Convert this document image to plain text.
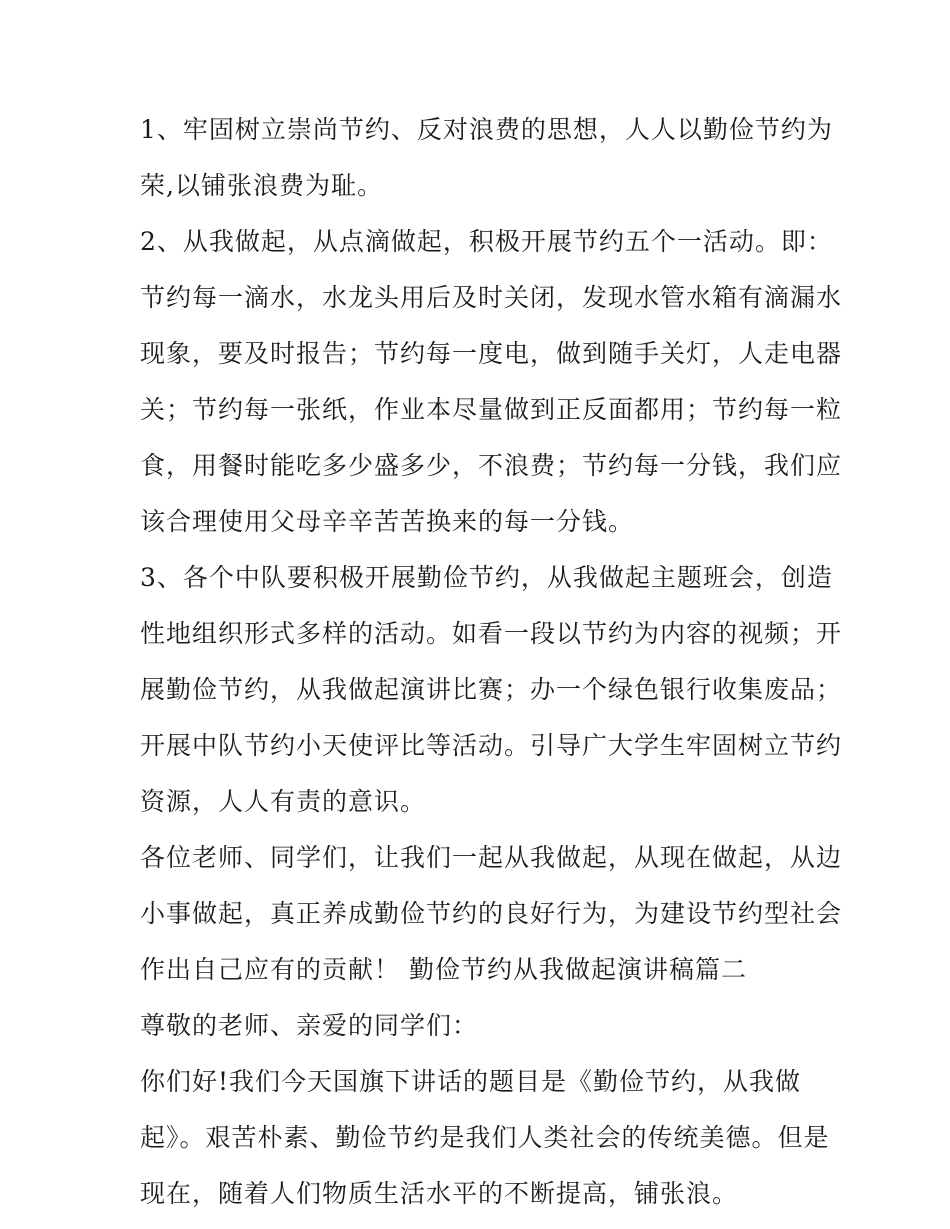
1、牢固树立崇尚节约、反对浪费的思想，人人以勤俭节约为
荣,以铺张浪费为耻。
2、从我做起，从点滴做起，积极开展节约五个一活动。即：
节约每一滴水，水龙头用后及时关闭，发现水管水箱有滴漏水
现象，要及时报告；节约每一度电，做到随手关灯，人走电器
关；节约每一张纸，作业本尽量做到正反面都用；节约每一粒
食，用餐时能吃多少盛多少，不浪费；节约每一分钱，我们应
该合理使用父母辛辛苦苦换来的每一分钱。
3、各个中队要积极开展勤俭节约，从我做起主题班会，创造
性地组织形式多样的活动。如看一段以节约为内容的视频；开
展勤俭节约，从我做起演讲比赛；办一个绿色银行收集废品；
开展中队节约小天使评比等活动。引导广大学生牢固树立节约
资源，人人有责的意识。
各位老师、同学们，让我们一起从我做起，从现在做起，从边
小事做起，真正养成勤俭节约的良好行为，为建设节约型社会
作出自己应有的贡献！ 勤俭节约从我做起演讲稿篇二
尊敬的老师、亲爱的同学们：
你们好!我们今天国旗下讲话的题目是《勤俭节约，从我做
起》。艰苦朴素、勤俭节约是我们人类社会的传统美德。但是
现在，随着人们物质生活水平的不断提高，铺张浪。
